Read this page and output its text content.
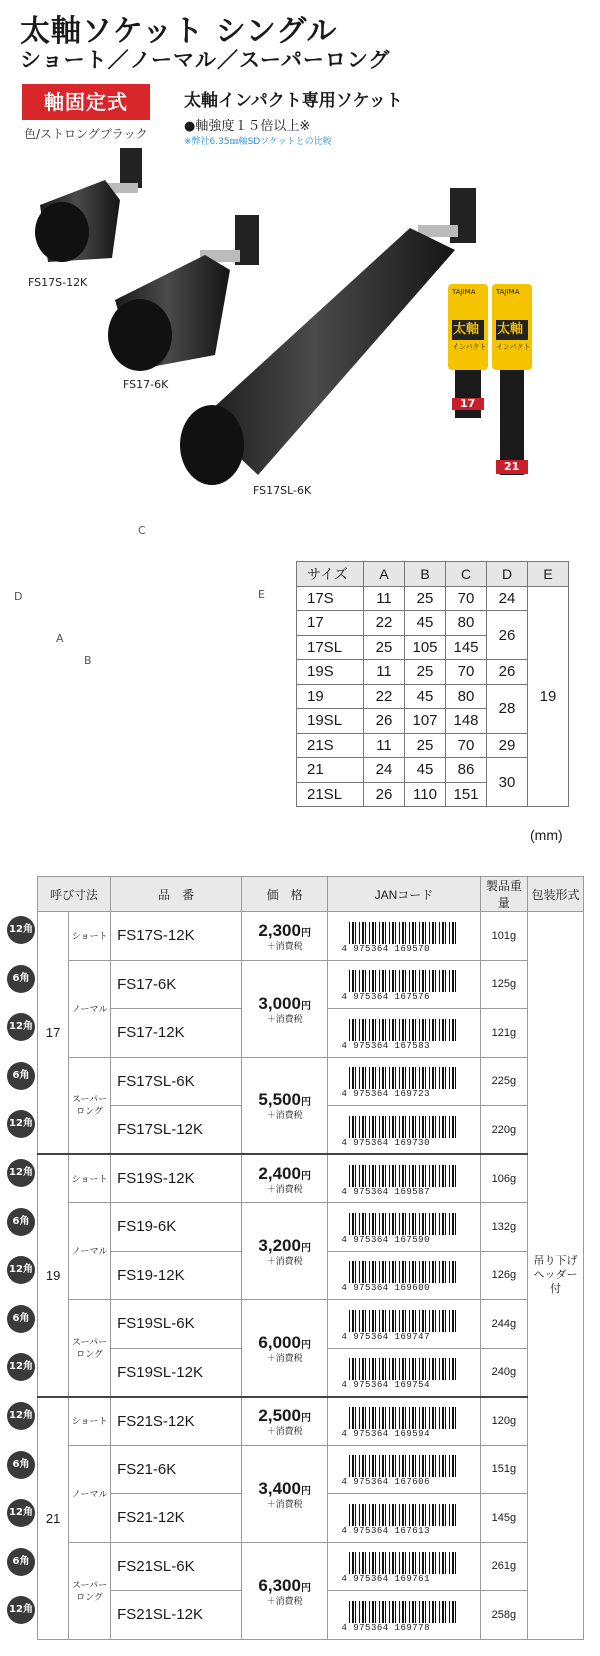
太軸ソケット シングル
ショート／ノーマル／スーパーロング
軸固定式
色/ストロングブラック
太軸インパクト専用ソケット
●軸強度１５倍以上※
※弊社6.35㎜軸SDソケットとの比較
TAJIMA
太軸
インパクト
17
TAJIMA
太軸
インパクト
21
FS17S-12K
FS17-6K
FS17SL-6K
C
D	E
A
B
サイズ	A	B	C	D	E
17S	11	25	70	24	19
17	22	45	80	26	
17SL	25	105	145		
19S	11	25	70	26	
19	22	45	80	28	
19SL	26	107	148		
21S	11	25	70	29	
21	24	45	86	30	
21SL	26	110	151		
(mm)
12角
6角
12角
6角
12角
12角
6角
12角
6角
12角
12角
6角
12角
6角
12角
呼び寸法		品　番	価　格	JANコード	製品重量	包装形式
17	ショート	FS17S-12K	2,300円
＋消費税	4 975364 169570	101g	吊り下げ ヘッダー付
	ノーマル	FS17-6K	3,000円
＋消費税	4 975364 167576	125g	
		FS17-12K		4 975364 167583	121g	
	スーパーロング	FS17SL-6K	5,500円
＋消費税	4 975364 169723	225g	
		FS17SL-12K		4 975364 169730	220g	
19	ショート	FS19S-12K	2,400円
＋消費税	4 975364 169587	106g	
	ノーマル	FS19-6K	3,200円
＋消費税	4 975364 167590	132g	
		FS19-12K		4 975364 169600	126g	
	スーパーロング	FS19SL-6K	6,000円
＋消費税	4 975364 169747	244g	
		FS19SL-12K		4 975364 169754	240g	
21	ショート	FS21S-12K	2,500円
＋消費税	4 975364 169594	120g	
	ノーマル	FS21-6K	3,400円
＋消費税	4 975364 167606	151g	
		FS21-12K		4 975364 167613	145g	
	スーパーロング	FS21SL-6K	6,300円
＋消費税	4 975364 169761	261g	
		FS21SL-12K		4 975364 169778	258g	
